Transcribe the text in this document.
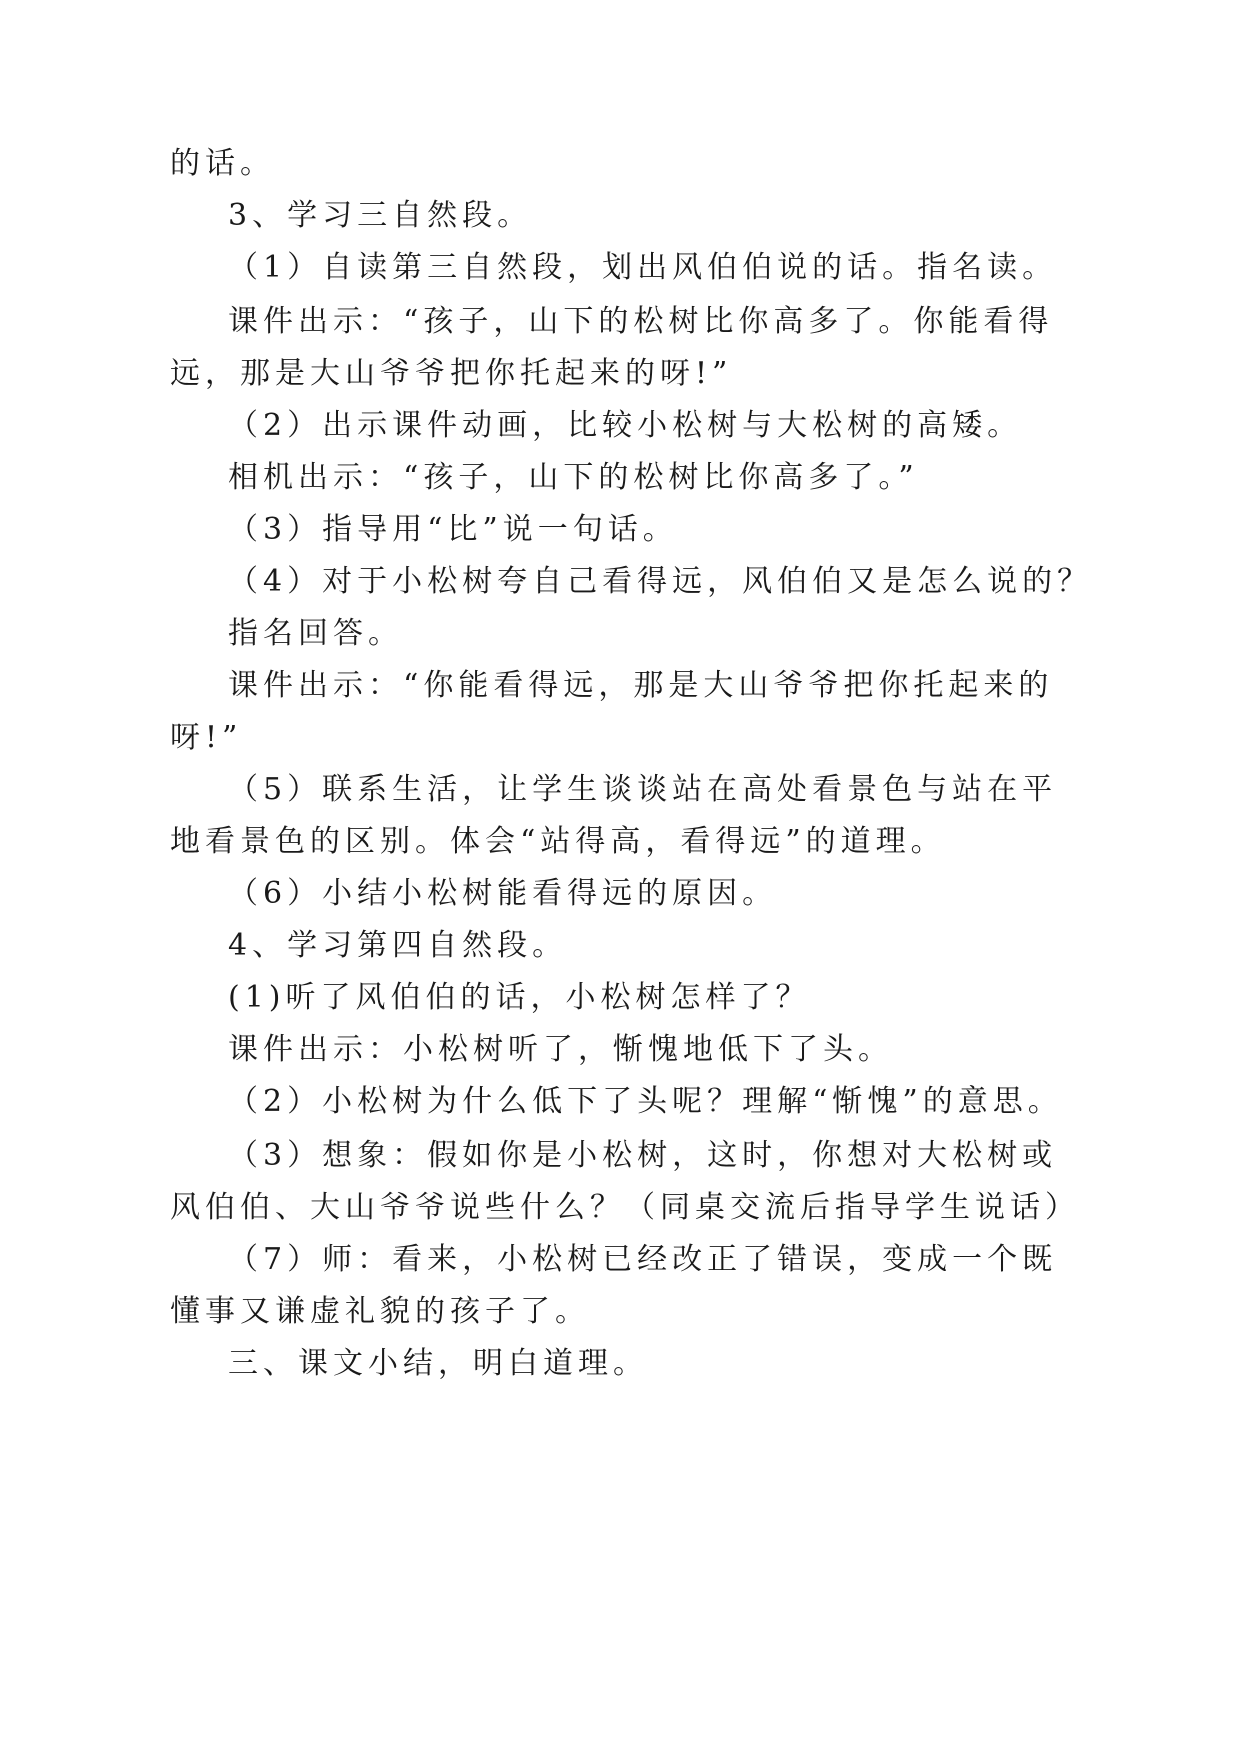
的话。
3、学习三自然段。
（1）自读第三自然段，划出风伯伯说的话。指名读。
课件出示：“孩子，山下的松树比你高多了。你能看得
远，那是大山爷爷把你托起来的呀!”
（2）出示课件动画，比较小松树与大松树的高矮。
相机出示：“孩子，山下的松树比你高多了。”
（3）指导用“比”说一句话。
（4）对于小松树夸自己看得远，风伯伯又是怎么说的？
指名回答。
课件出示：“你能看得远，那是大山爷爷把你托起来的
呀!”
（5）联系生活，让学生谈谈站在高处看景色与站在平
地看景色的区别。体会“站得高，看得远”的道理。
（6）小结小松树能看得远的原因。
4、学习第四自然段。
(1)听了风伯伯的话，小松树怎样了？
课件出示：小松树听了，惭愧地低下了头。
（2）小松树为什么低下了头呢？理解“惭愧”的意思。
（3）想象：假如你是小松树，这时，你想对大松树或
风伯伯、大山爷爷说些什么？（同桌交流后指导学生说话）
（7）师：看来，小松树已经改正了错误，变成一个既
懂事又谦虚礼貌的孩子了。
三、课文小结，明白道理。
